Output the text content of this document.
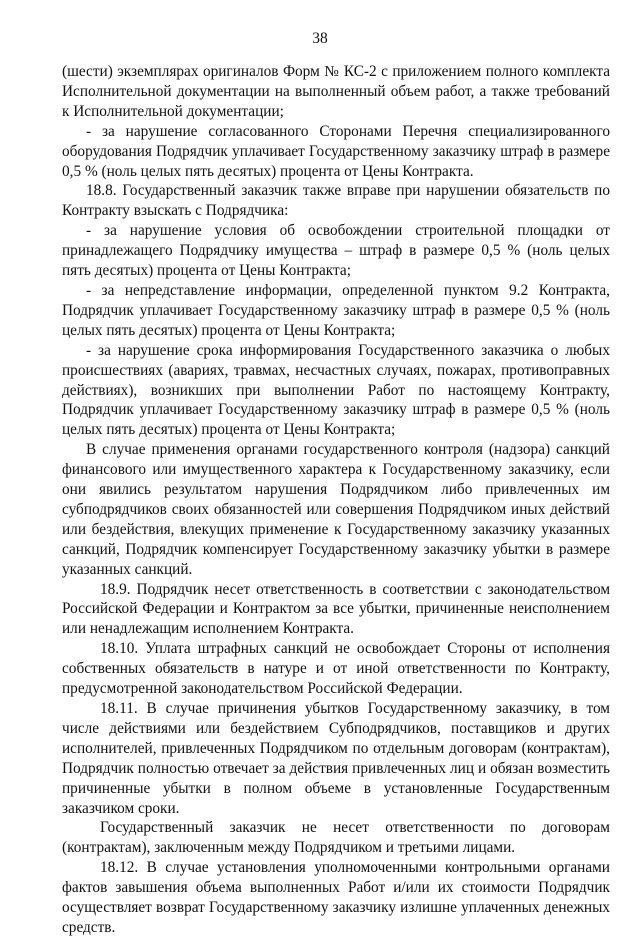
38

(шести) экземплярах оригиналов Форм № КС-2 с приложением полного комплекта Исполнительной документации на выполненный объем работ, а также требований к Исполнительной документации;

- за нарушение согласованного Сторонами Перечня специализированного оборудования Подрядчик уплачивает Государственному заказчику штраф в размере 0,5 % (ноль целых пять десятых) процента от Цены Контракта.

18.8. Государственный заказчик также вправе при нарушении обязательств по Контракту взыскать с Подрядчика:

- за нарушение условия об освобождении строительной площадки от принадлежащего Подрядчику имущества – штраф в размере 0,5 % (ноль целых пять десятых) процента от Цены Контракта;

- за непредставление информации, определенной пунктом 9.2 Контракта, Подрядчик уплачивает Государственному заказчику штраф в размере 0,5 % (ноль целых пять десятых) процента от Цены Контракта;

- за нарушение срока информирования Государственного заказчика о любых происшествиях (авариях, травмах, несчастных случаях, пожарах, противоправных действиях), возникших при выполнении Работ по настоящему Контракту, Подрядчик уплачивает Государственному заказчику штраф в размере 0,5 % (ноль целых пять десятых) процента от Цены Контракта;

В случае применения органами государственного контроля (надзора) санкций финансового или имущественного характера к Государственному заказчику, если они явились результатом нарушения Подрядчиком либо привлеченных им субподрядчиков своих обязанностей или совершения Подрядчиком иных действий или бездействия, влекущих применение к Государственному заказчику указанных санкций, Подрядчик компенсирует Государственному заказчику убытки в размере указанных санкций.

18.9. Подрядчик несет ответственность в соответствии с законодательством Российской Федерации и Контрактом за все убытки, причиненные неисполнением или ненадлежащим исполнением Контракта.

18.10. Уплата штрафных санкций не освобождает Стороны от исполнения собственных обязательств в натуре и от иной ответственности по Контракту, предусмотренной законодательством Российской Федерации.

18.11. В случае причинения убытков Государственному заказчику, в том числе действиями или бездействием Субподрядчиков, поставщиков и других исполнителей, привлеченных Подрядчиком по отдельным договорам (контрактам), Подрядчик полностью отвечает за действия привлеченных лиц и обязан возместить причиненные убытки в полном объеме в установленные Государственным заказчиком сроки.

Государственный заказчик не несет ответственности по договорам (контрактам), заключенным между Подрядчиком и третьими лицами.

18.12. В случае установления уполномоченными контрольными органами фактов завышения объема выполненных Работ и/или их стоимости Подрядчик осуществляет возврат Государственному заказчику излишне уплаченных денежных средств.
